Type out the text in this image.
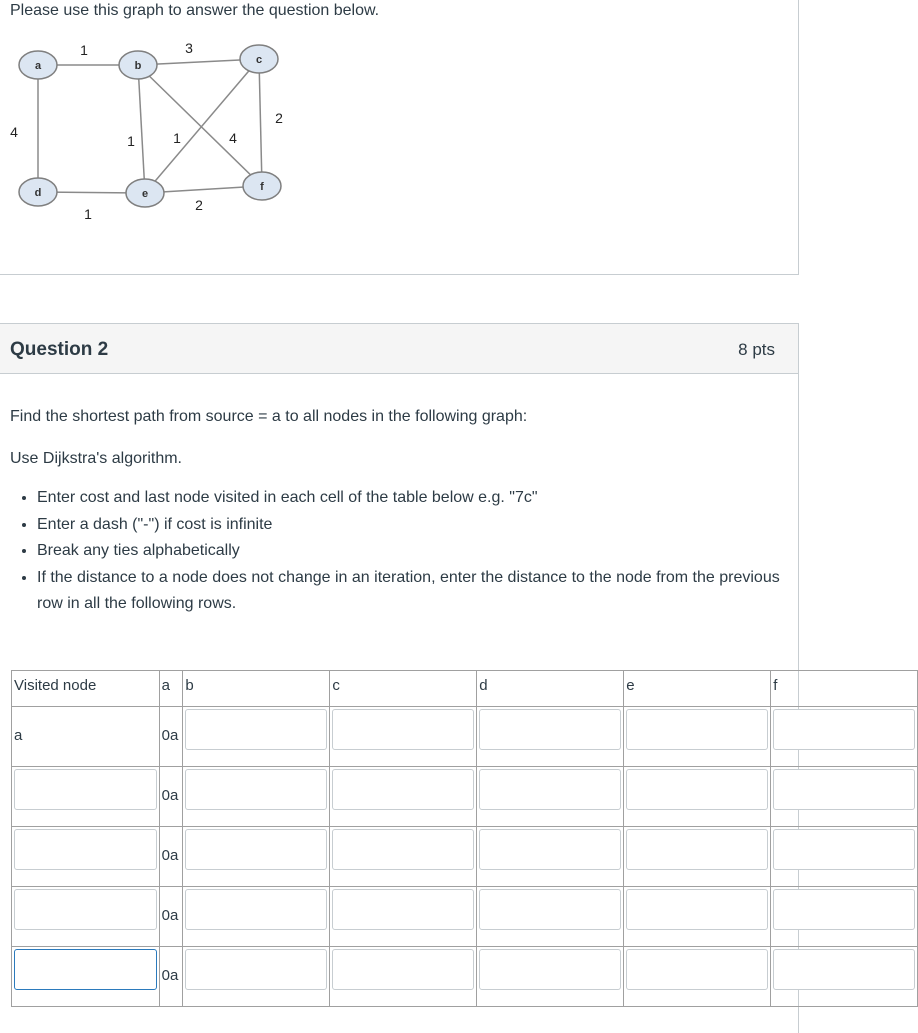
Please use this graph to answer the question below.
a	b	c
d	e
f
1	3
4
2
1	1	4
1
2
Question 2	8 pts
Find the shortest path from source = a to all nodes in the following graph:
Use Dijkstra's algorithm.
• Enter cost and last node visited in each cell of the table below e.g. "7c"
• Enter a dash ("-") if cost is infinite
• Break any ties alphabetically
• If the distance to a node does not change in an iteration, enter the distance to the node from the previous row in all the following rows.
Visited node	a	b	c	d	e	f

a	0a					

	0a					

	0a					

	0a					

	0a					
